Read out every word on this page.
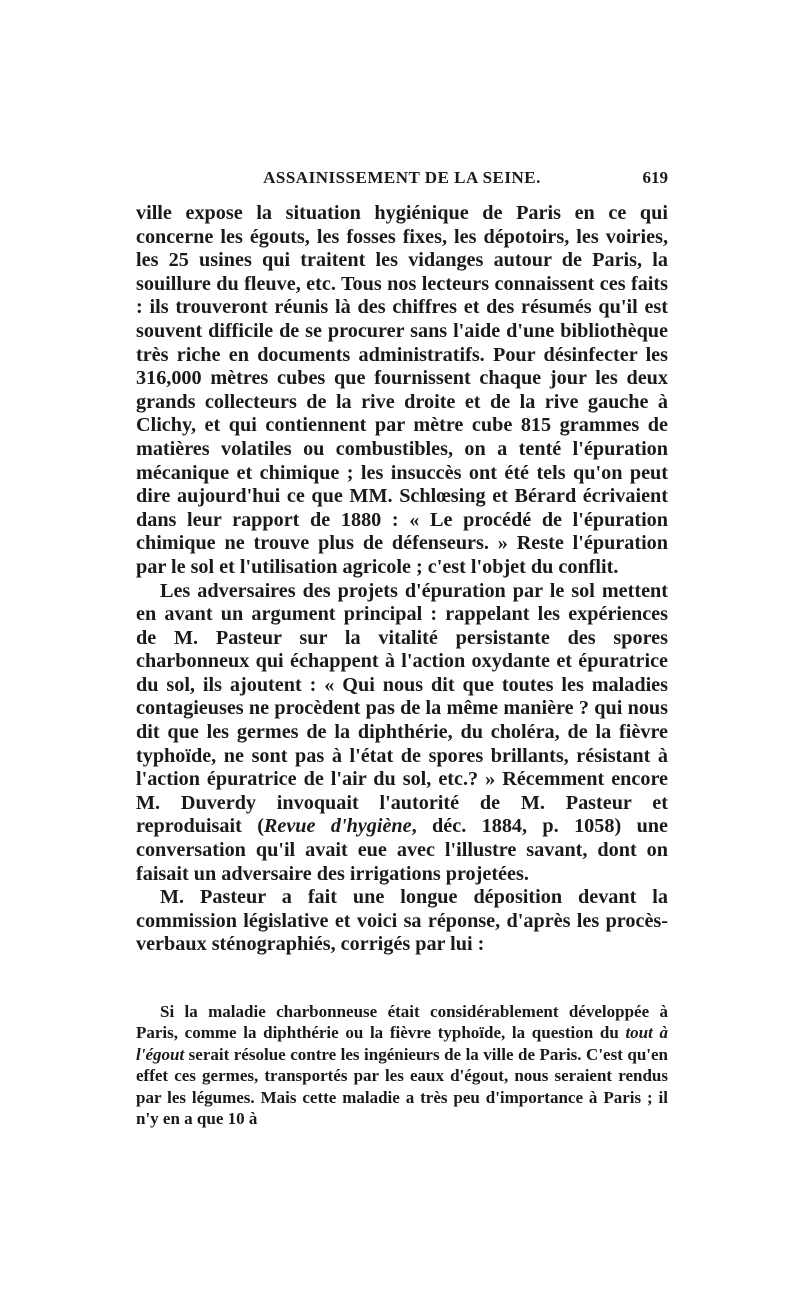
ASSAINISSEMENT DE LA SEINE.	619

ville expose la situation hygiénique de Paris en ce qui concerne les égouts, les fosses fixes, les dépotoirs, les voiries, les 25 usines qui traitent les vidanges autour de Paris, la souillure du fleuve, etc. Tous nos lecteurs connaissent ces faits : ils trouveront réunis là des chiffres et des résumés qu'il est souvent difficile de se procurer sans l'aide d'une bibliothèque très riche en documents administratifs. Pour désinfecter les 316,000 mètres cubes que fournissent chaque jour les deux grands collecteurs de la rive droite et de la rive gauche à Clichy, et qui contiennent par mètre cube 815 grammes de matières volatiles ou combustibles, on a tenté l'épuration mécanique et chimique ; les insuccès ont été tels qu'on peut dire aujourd'hui ce que MM. Schlœsing et Bérard écrivaient dans leur rapport de 1880 : « Le procédé de l'épuration chimique ne trouve plus de défenseurs. » Reste l'épuration par le sol et l'utilisation agricole ; c'est l'objet du conflit.

Les adversaires des projets d'épuration par le sol mettent en avant un argument principal : rappelant les expériences de M. Pasteur sur la vitalité persistante des spores charbonneux qui échappent à l'action oxydante et épuratrice du sol, ils ajoutent : « Qui nous dit que toutes les maladies contagieuses ne procèdent pas de la même manière ? qui nous dit que les germes de la diphthérie, du choléra, de la fièvre typhoïde, ne sont pas à l'état de spores brillants, résistant à l'action épuratrice de l'air du sol, etc.? » Récemment encore M. Duverdy invoquait l'autorité de M. Pasteur et reproduisait (Revue d'hygiène, déc. 1884, p. 1058) une conversation qu'il avait eue avec l'illustre savant, dont on faisait un adversaire des irrigations projetées.

M. Pasteur a fait une longue déposition devant la commission législative et voici sa réponse, d'après les procès-verbaux sténographiés, corrigés par lui :

Si la maladie charbonneuse était considérablement développée à Paris, comme la diphthérie ou la fièvre typhoïde, la question du tout à l'égout serait résolue contre les ingénieurs de la ville de Paris. C'est qu'en effet ces germes, transportés par les eaux d'égout, nous seraient rendus par les légumes. Mais cette maladie a très peu d'importance à Paris ; il n'y en a que 10 à
